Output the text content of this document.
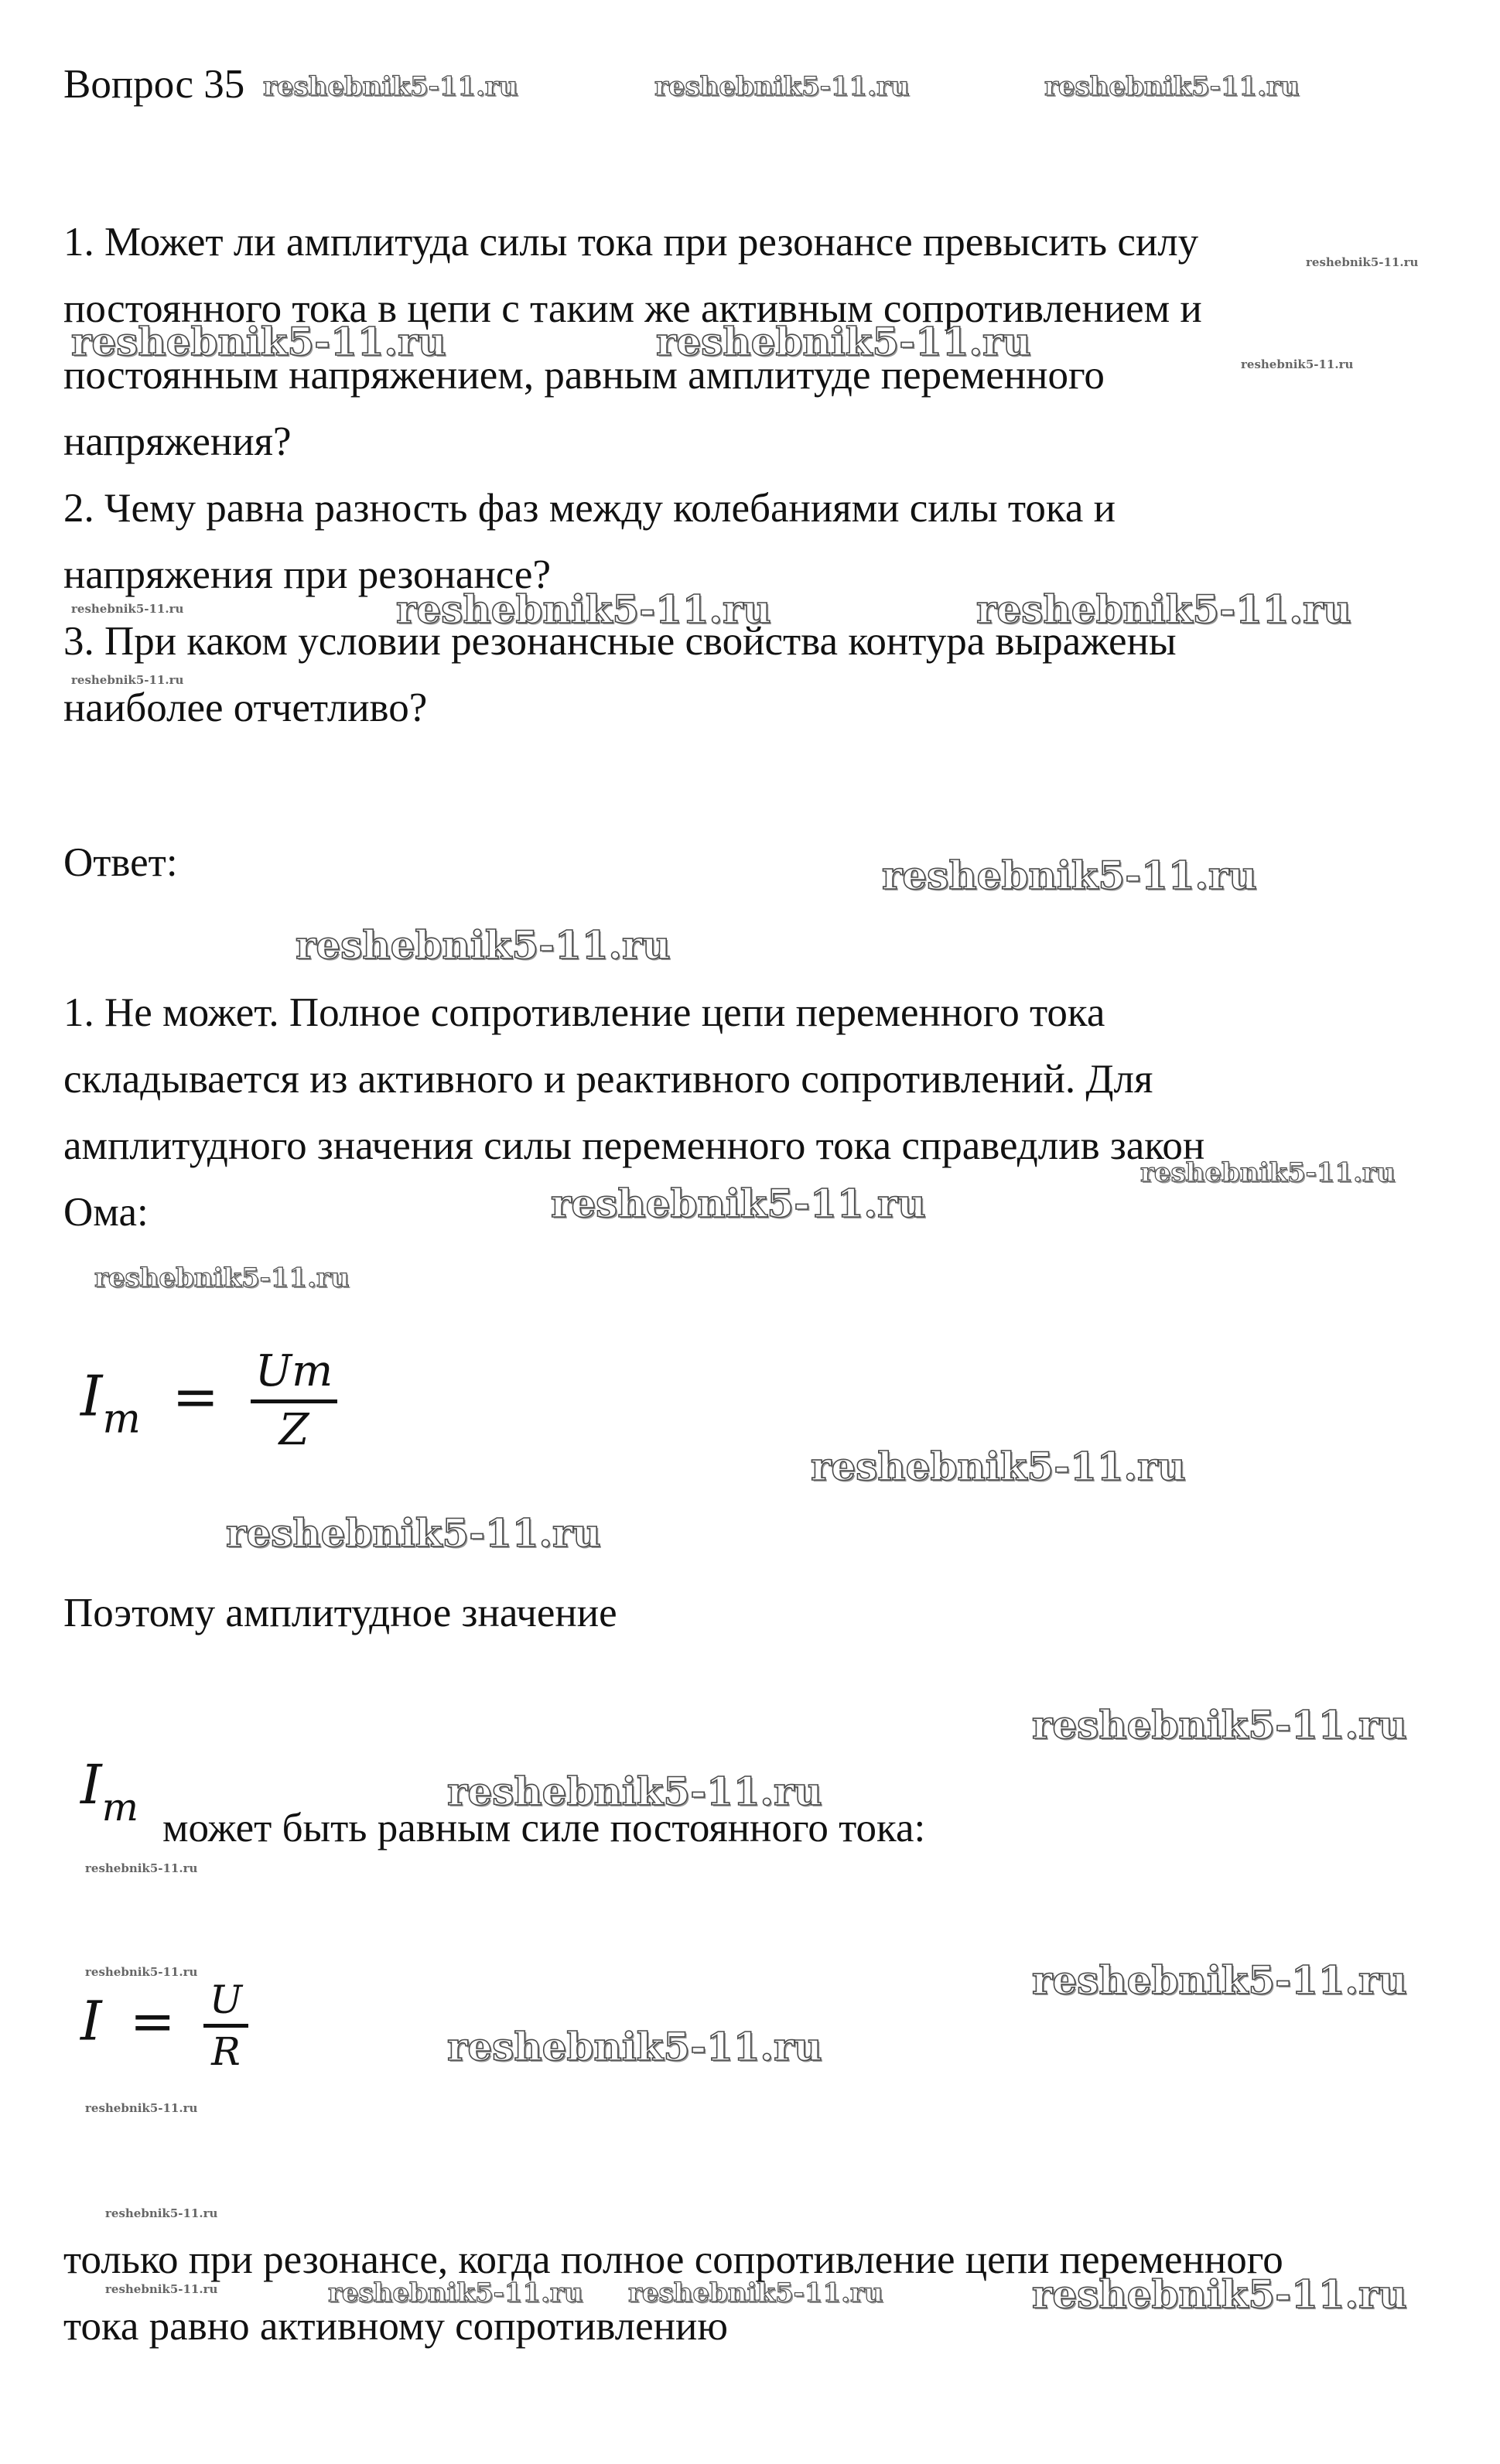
Вопрос 35
1. Может ли амплитуда силы тока при резонансе превысить силу
постоянного тока в цепи с таким же активным сопротивлением и
постоянным напряжением, равным амплитуде переменного
напряжения?
2. Чему равна разность фаз между колебаниями силы тока и
напряжения при резонансе?
3. При каком условии резонансные свойства контура выражены
наиболее отчетливо?
Ответ:
1. Не может. Полное сопротивление цепи переменного тока
складывается из активного и реактивного сопротивлений. Для
амплитудного значения силы переменного тока справедлив закон
Ома:
$I_m = \frac{Um}{Z}$
Поэтому амплитудное значение
$I_m$ может быть равным силе постоянного тока:
$I = \frac{U}{R}$
только при резонансе, когда полное сопротивление цепи переменного
тока равно активному сопротивлению
reshebnik5-11.ru	reshebnik5-11.ru	reshebnik5-11.ru
reshebnik5-11.ru
reshebnik5-11.ru	reshebnik5-11.ru	reshebnik5-11.ru
reshebnik5-11.ru	reshebnik5-11.ru	reshebnik5-11.ru
reshebnik5-11.ru
reshebnik5-11.ru
reshebnik5-11.ru
reshebnik5-11.ru
reshebnik5-11.ru
reshebnik5-11.ru
reshebnik5-11.ru
reshebnik5-11.ru
reshebnik5-11.ru
reshebnik5-11.ru
reshebnik5-11.ru
reshebnik5-11.ru	reshebnik5-11.ru
reshebnik5-11.ru
reshebnik5-11.ru
reshebnik5-11.ru
reshebnik5-11.ru	reshebnik5-11.ru reshebnik5-11.ru	reshebnik5-11.ru
